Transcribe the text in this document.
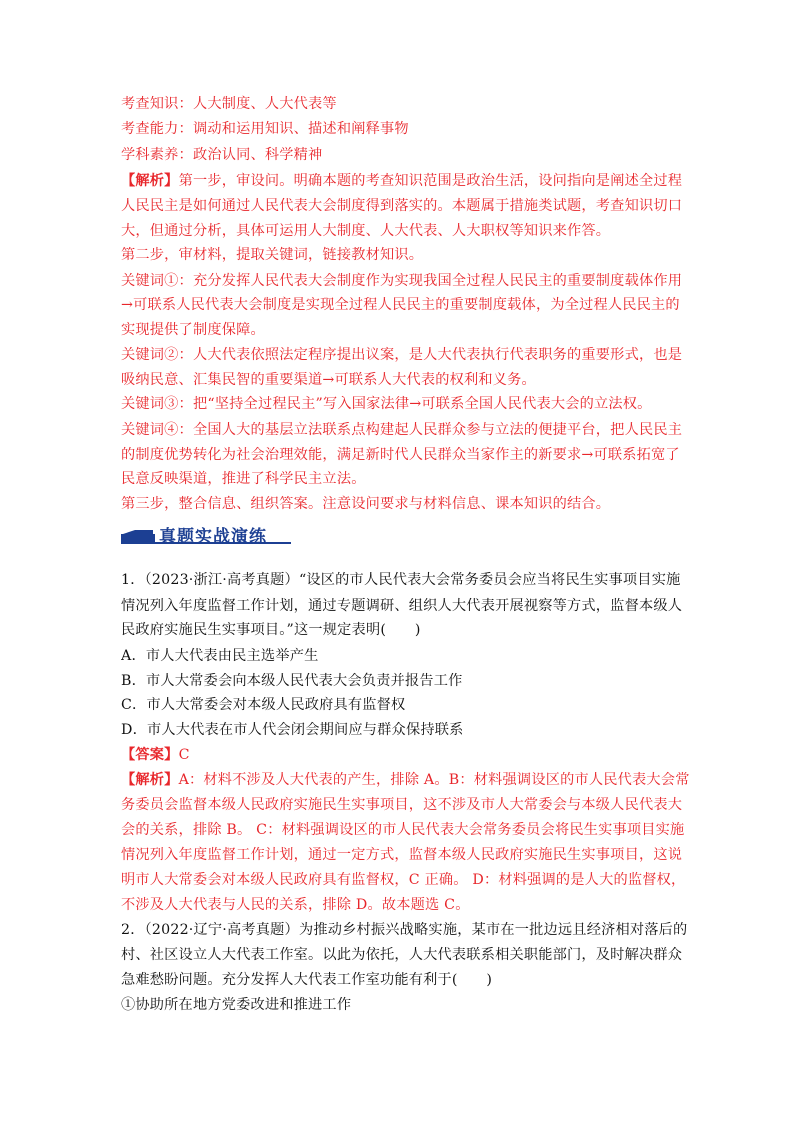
考查知识：人大制度、人大代表等
考查能力：调动和运用知识、描述和阐释事物
学科素养：政治认同、科学精神
【解析】第一步，审设问。明确本题的考查知识范围是政治生活，设问指向是阐述全过程
人民民主是如何通过人民代表大会制度得到落实的。本题属于措施类试题，考查知识切口
大，但通过分析，具体可运用人大制度、人大代表、人大职权等知识来作答。
第二步，审材料，提取关键词，链接教材知识。
关键词①：充分发挥人民代表大会制度作为实现我国全过程人民民主的重要制度载体作用
→可联系人民代表大会制度是实现全过程人民民主的重要制度载体，为全过程人民民主的
实现提供了制度保障。
关键词②：人大代表依照法定程序提出议案，是人大代表执行代表职务的重要形式，也是
吸纳民意、汇集民智的重要渠道→可联系人大代表的权利和义务。
关键词③：把“坚持全过程民主”写入国家法律→可联系全国人民代表大会的立法权。
关键词④：全国人大的基层立法联系点构建起人民群众参与立法的便捷平台，把人民民主
的制度优势转化为社会治理效能，满足新时代人民群众当家作主的新要求→可联系拓宽了
民意反映渠道，推进了科学民主立法。
第三步，整合信息、组织答案。注意设问要求与材料信息、课本知识的结合。
真题实战演练
1．（2023·浙江·高考真题）“设区的市人民代表大会常务委员会应当将民生实事项目实施
情况列入年度监督工作计划，通过专题调研、组织人大代表开展视察等方式，监督本级人
民政府实施民生实事项目。”这一规定表明(　　)
A．市人大代表由民主选举产生
B．市人大常委会向本级人民代表大会负责并报告工作
C．市人大常委会对本级人民政府具有监督权
D．市人大代表在市人代会闭会期间应与群众保持联系
【答案】C
【解析】A：材料不涉及人大代表的产生，排除 A。B：材料强调设区的市人民代表大会常
务委员会监督本级人民政府实施民生实事项目，这不涉及市人大常委会与本级人民代表大
会的关系，排除 B。 C：材料强调设区的市人民代表大会常务委员会将民生实事项目实施
情况列入年度监督工作计划，通过一定方式，监督本级人民政府实施民生实事项目，这说
明市人大常委会对本级人民政府具有监督权，C 正确。 D：材料强调的是人大的监督权，
不涉及人大代表与人民的关系，排除 D。故本题选 C。
2．（2022·辽宁·高考真题）为推动乡村振兴战略实施，某市在一批边远且经济相对落后的
村、社区设立人大代表工作室。以此为依托，人大代表联系相关职能部门，及时解决群众
急难愁盼问题。充分发挥人大代表工作室功能有利于(　　)
①协助所在地方党委改进和推进工作
